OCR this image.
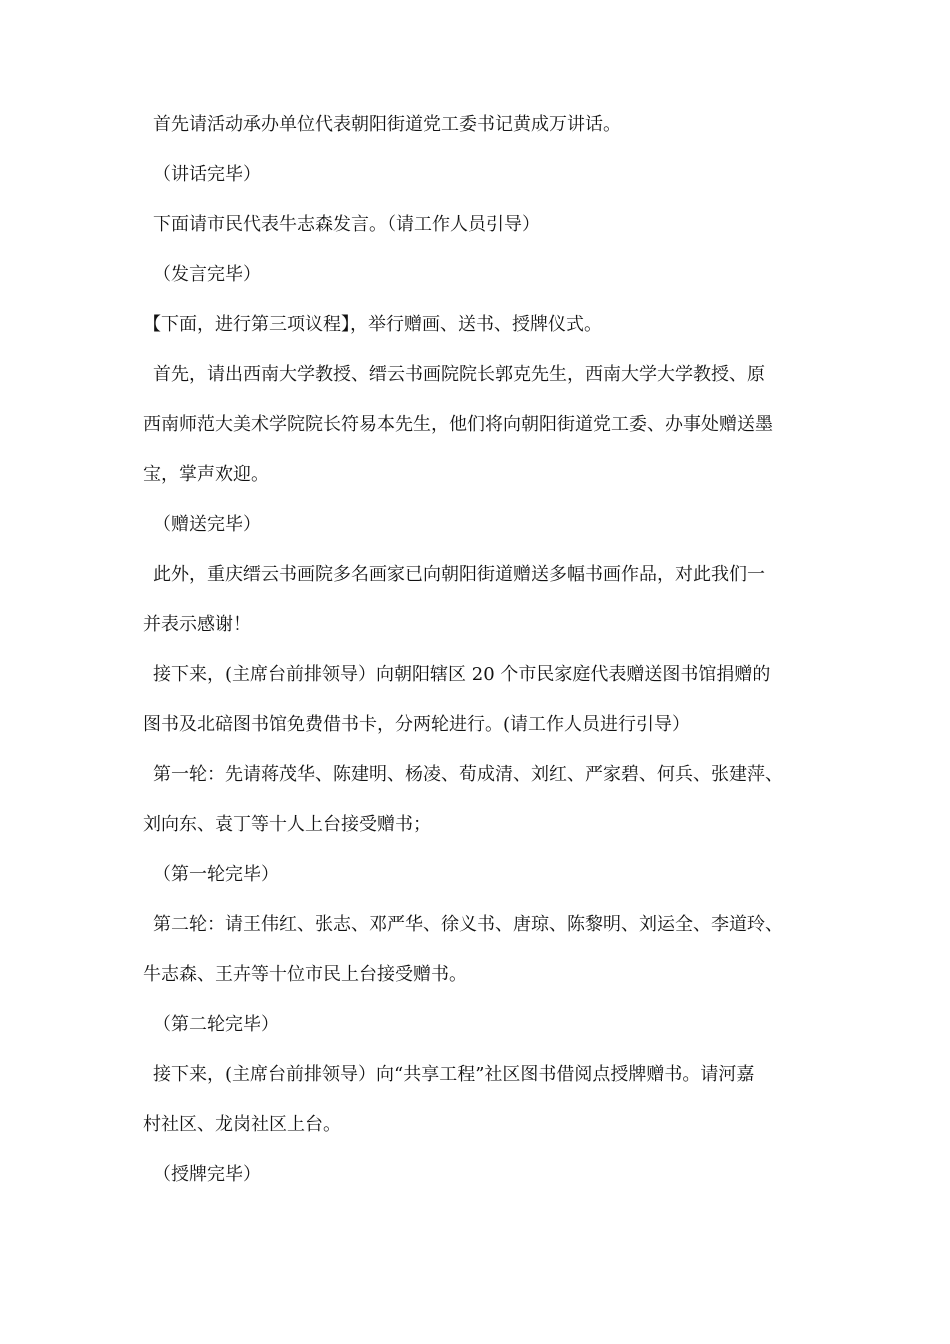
首先请活动承办单位代表朝阳街道党工委书记黄成万讲话。

（讲话完毕）

下面请市民代表牛志森发言。（请工作人员引导）

（发言完毕）

【下面，进行第三项议程】，举行赠画、送书、授牌仪式。

首先，请出西南大学教授、缙云书画院院长郭克先生，西南大学大学教授、原
西南师范大美术学院院长符易本先生，他们将向朝阳街道党工委、办事处赠送墨
宝，掌声欢迎。

（赠送完毕）

此外，重庆缙云书画院多名画家已向朝阳街道赠送多幅书画作品，对此我们一
并表示感谢！

接下来，(主席台前排领导）向朝阳辖区 20 个市民家庭代表赠送图书馆捐赠的
图书及北碚图书馆免费借书卡，分两轮进行。(请工作人员进行引导）

第一轮：先请蒋茂华、陈建明、杨凌、荀成清、刘红、严家碧、何兵、张建萍、
刘向东、袁丁等十人上台接受赠书；

（第一轮完毕）

第二轮：请王伟红、张志、邓严华、徐义书、唐琼、陈黎明、刘运全、李道玲、
牛志森、王卉等十位市民上台接受赠书。

（第二轮完毕）

接下来，(主席台前排领导）向“共享工程”社区图书借阅点授牌赠书。请河嘉
村社区、龙岗社区上台。

（授牌完毕）
